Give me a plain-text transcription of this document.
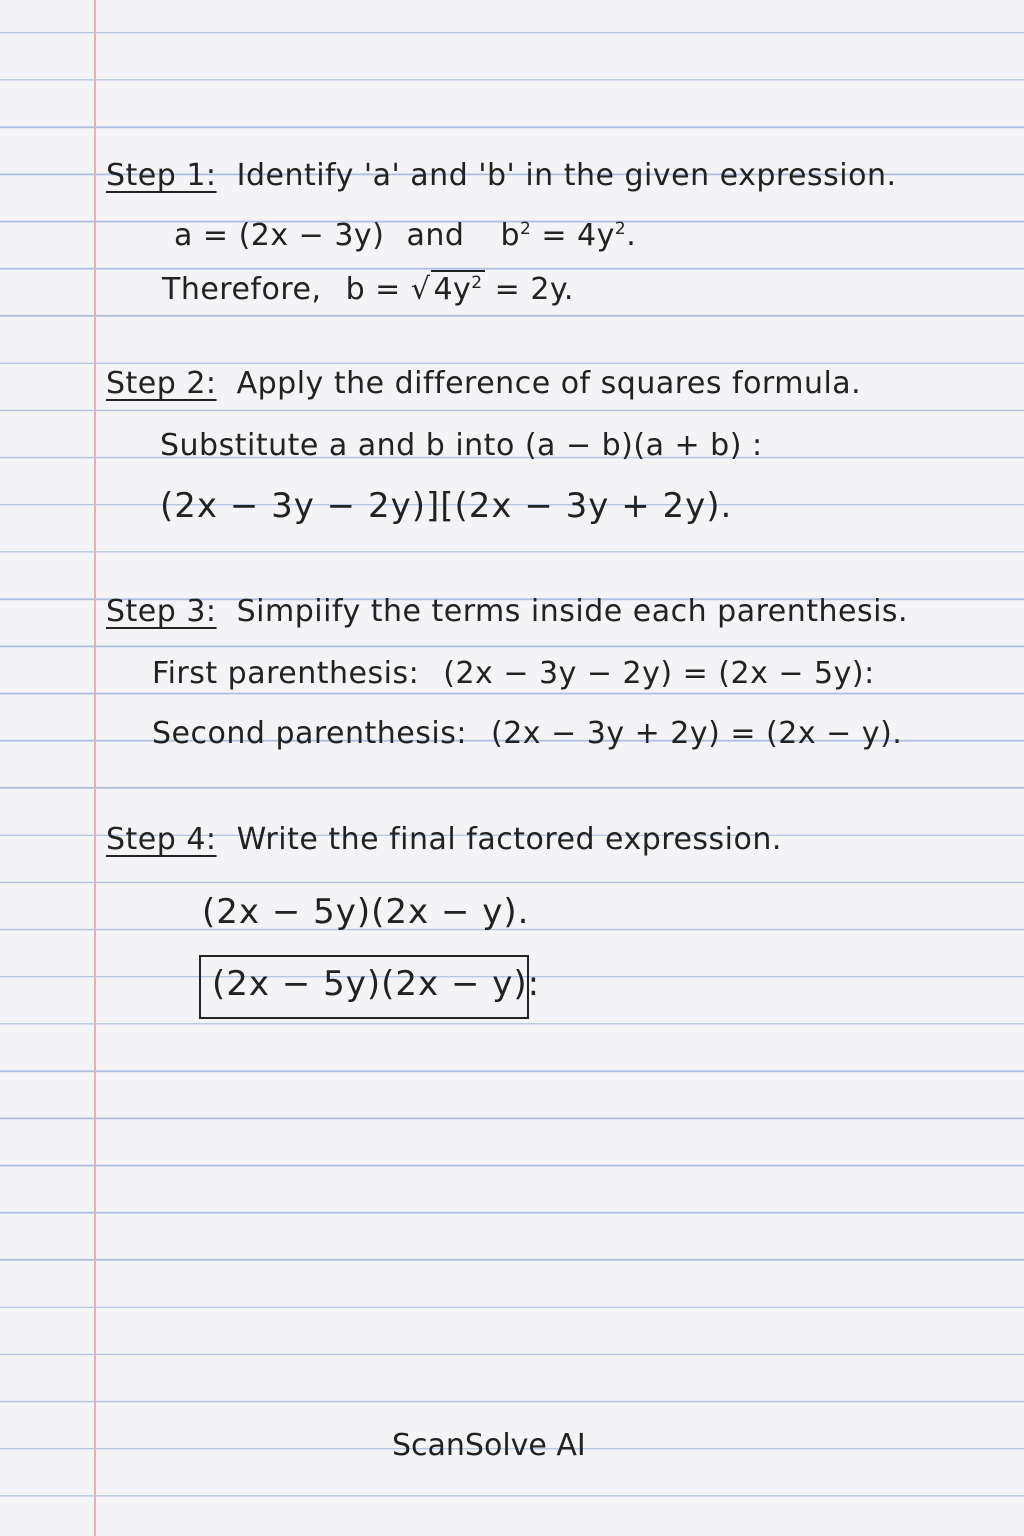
Step 1: Identify 'a' and 'b' in the given expression.
a = (2x − 3y) and $b^2 = 4y^2$.
Therefore, b = √ $4y^2 = 2y$.
Step 2: Apply the difference of squares formula.
Substitute a and b into (a − b)(a + b) :
(2x − 3y − 2y)][(2x − 3y + 2y).
Step 3: Simpiify the terms inside each parenthesis.
First parenthesis: (2x − 3y − 2y) = (2x − 5y):
Second parenthesis: (2x − 3y + 2y) = (2x − y).
Step 4: Write the final factored expression.
(2x − 5y)(2x − y).
(2x − 5y)(2x − y):
ScanSolve AI
